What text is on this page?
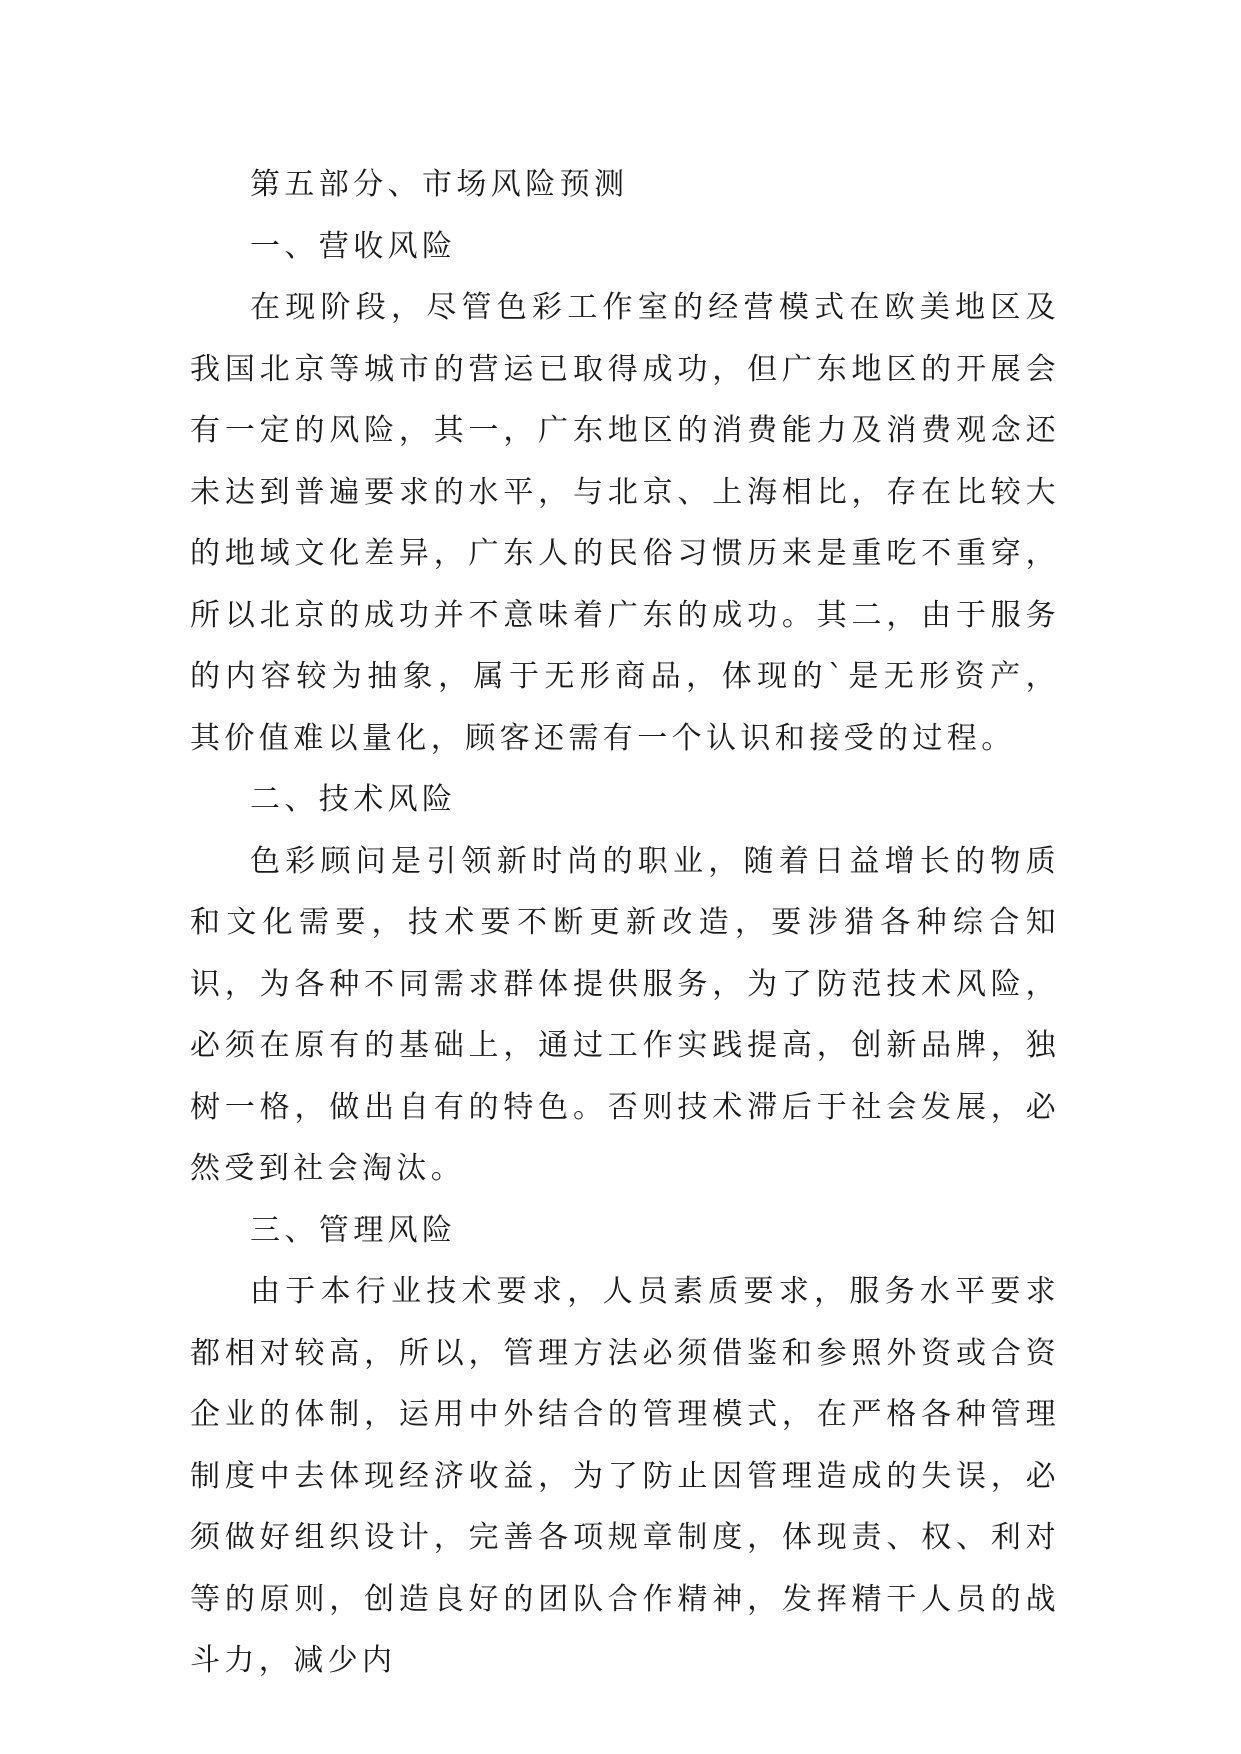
第五部分、市场风险预测

一、营收风险

在现阶段，尽管色彩工作室的经营模式在欧美地区及我国北京等城市的营运已取得成功，但广东地区的开展会有一定的风险，其一，广东地区的消费能力及消费观念还未达到普遍要求的水平，与北京、上海相比，存在比较大的地域文化差异，广东人的民俗习惯历来是重吃不重穿，所以北京的成功并不意味着广东的成功。其二，由于服务的内容较为抽象，属于无形商品，体现的`是无形资产，其价值难以量化，顾客还需有一个认识和接受的过程。

二、技术风险

色彩顾问是引领新时尚的职业，随着日益增长的物质和文化需要，技术要不断更新改造，要涉猎各种综合知识，为各种不同需求群体提供服务，为了防范技术风险，必须在原有的基础上，通过工作实践提高，创新品牌，独树一格，做出自有的特色。否则技术滞后于社会发展，必然受到社会淘汰。

三、管理风险

由于本行业技术要求，人员素质要求，服务水平要求都相对较高，所以，管理方法必须借鉴和参照外资或合资企业的体制，运用中外结合的管理模式，在严格各种管理制度中去体现经济收益，为了防止因管理造成的失误，必须做好组织设计，完善各项规章制度，体现责、权、利对等的原则，创造良好的团队合作精神，发挥精干人员的战斗力，减少内
